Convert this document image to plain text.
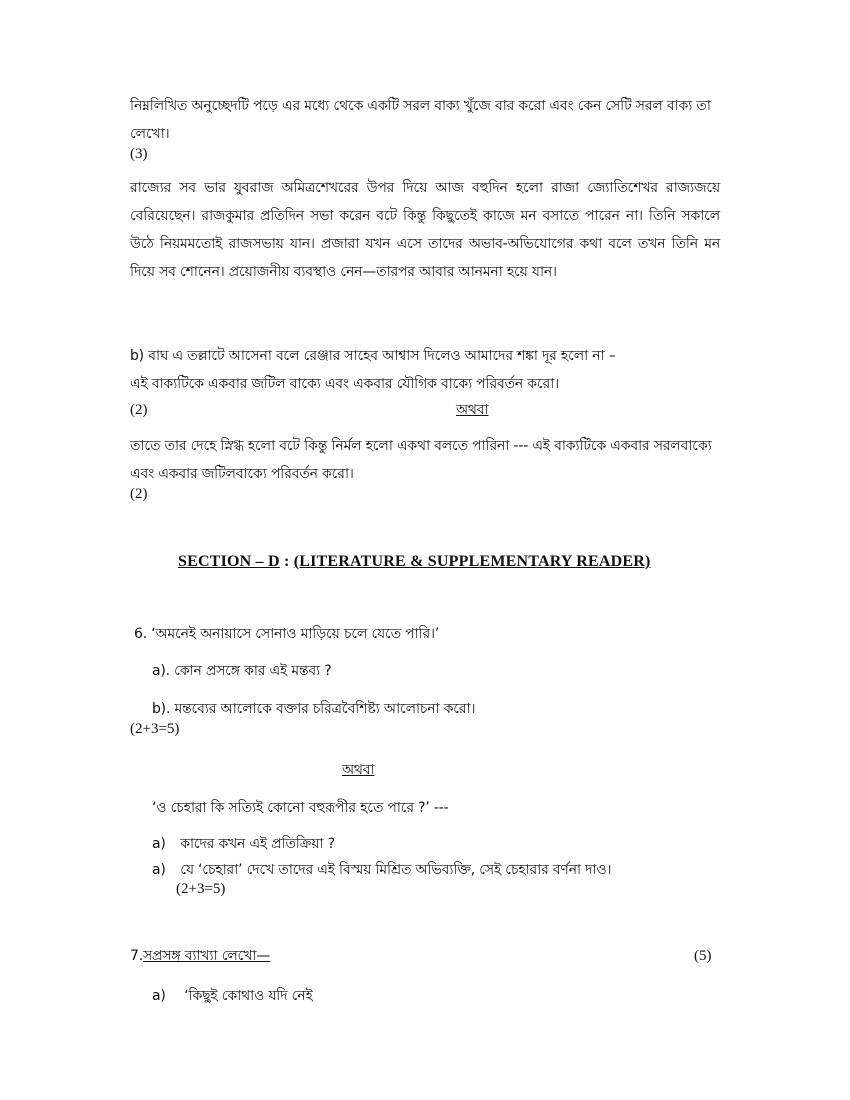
নিম্নলিখিত অনুচ্ছেদটি পড়ে এর মধ্যে থেকে একটি সরল বাক্য খুঁজে বার করো এবং কেন সেটি সরল বাক্য তা লেখো।
(3)
রাজ্যের সব ভার যুবরাজ অমিত্রশেখরের উপর দিয়ে আজ বহুদিন হলো রাজা জ্যোতিশেখর রাজ্যজয়ে বেরিয়েছেন। রাজকুমার প্রতিদিন সভা করেন বটে কিন্তু কিছুতেই কাজে মন বসাতে পারেন না। তিনি সকালে উঠে নিয়মমতোই রাজসভায় যান। প্রজারা যখন এসে তাদের অভাব-অভিযোগের কথা বলে তখন তিনি মন দিয়ে সব শোনেন। প্রয়োজনীয় ব্যবস্থাও নেন—তারপর আবার আনমনা হয়ে যান।
b) বাঘ এ তল্লাটে আসেনা বলে রেঞ্জার সাহেব আশ্বাস দিলেও আমাদের শঙ্কা দূর হলো না –
এই বাক্যটিকে একবার জটিল বাক্যে এবং একবার যৌগিক বাক্যে পরিবর্তন করো।
(2)	অথবা
তাতে তার দেহে স্নিগ্ধ হলো বটে কিন্তু নির্মল হলো একথা বলতে পারিনা --- এই বাক্যটিকে একবার সরলবাক্যে এবং একবার জটিলবাক্যে পরিবর্তন করো।
(2)
SECTION – D : (LITERATURE & SUPPLEMENTARY READER)
6. ‘অমনেই অনায়াসে সোনাও মাড়িয়ে চলে যেতে পারি।’
a). কোন প্রসঙ্গে কার এই মন্তব্য ?
b). মন্তব্যের আলোকে বক্তার চরিত্রবৈশিষ্ট্য আলোচনা করো।
(2+3=5)
অথবা
‘ও চেহারা কি সত্যিই কোনো বহুরূপীর হতে পারে ?’ ---
a) কাদের কখন এই প্রতিক্রিয়া ?
a) যে ‘চেহারা’ দেখে তাদের এই বিস্ময় মিশ্রিত অভিব্যক্তি, সেই চেহারার বর্ণনা দাও।
(2+3=5)
7.সপ্রসঙ্গ ব্যাখ্যা লেখো—	(5)
a) ‘কিছুই কোথাও যদি নেই
